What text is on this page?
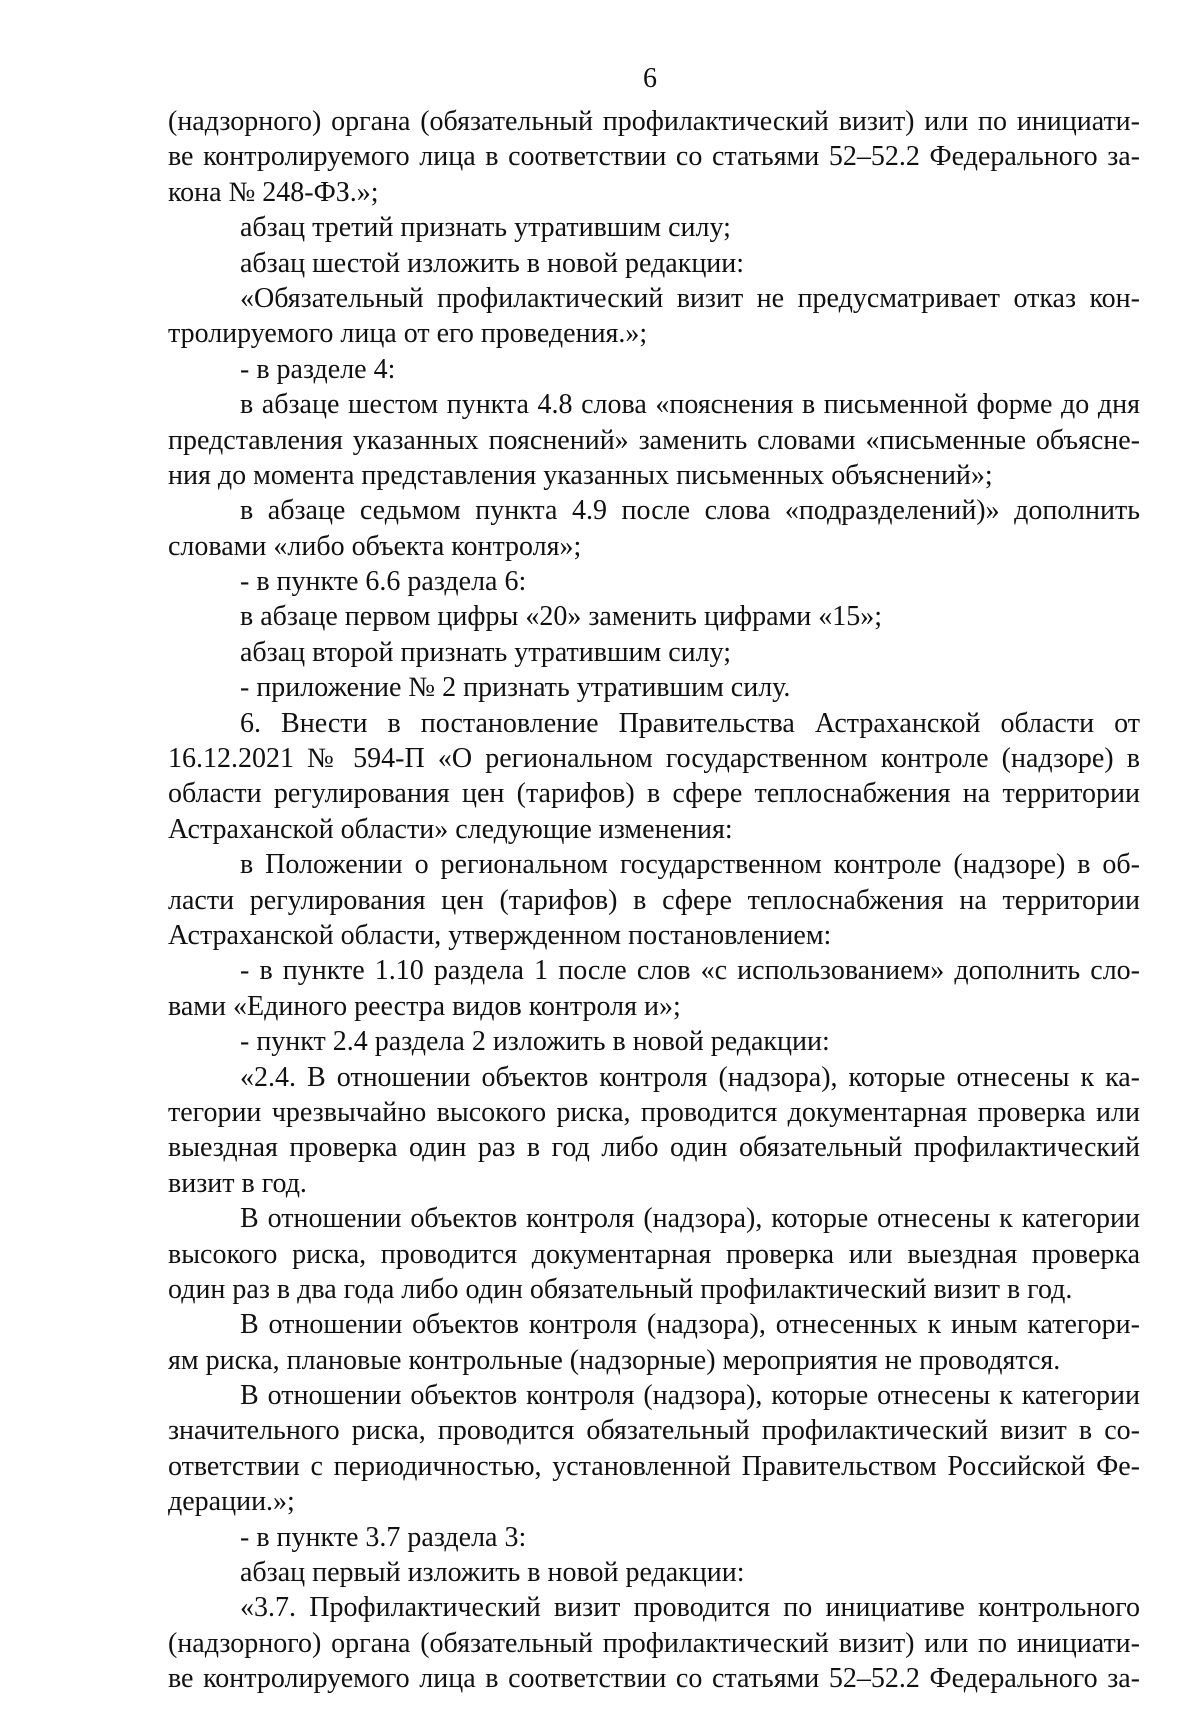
6
(надзорного) органа (обязательный профилактический визит) или по инициати-
ве контролируемого лица в соответствии со статьями 52–52.2 Федерального за-
кона № 248-ФЗ.»;
абзац третий признать утратившим силу;
абзац шестой изложить в новой редакции:
«Обязательный профилактический визит не предусматривает отказ кон-
тролируемого лица от его проведения.»;
- в разделе 4:
в абзаце шестом пункта 4.8 слова «пояснения в письменной форме до дня
представления указанных пояснений» заменить словами «письменные объясне-
ния до момента представления указанных письменных объяснений»;
в абзаце седьмом пункта 4.9 после слова «подразделений)» дополнить
словами «либо объекта контроля»;
- в пункте 6.6 раздела 6:
в абзаце первом цифры «20» заменить цифрами «15»;
абзац второй признать утратившим силу;
- приложение № 2 признать утратившим силу.
6. Внести в постановление Правительства Астраханской области от
16.12.2021 № 594-П «О региональном государственном контроле (надзоре) в
области регулирования цен (тарифов) в сфере теплоснабжения на территории
Астраханской области» следующие изменения:
в Положении о региональном государственном контроле (надзоре) в об-
ласти регулирования цен (тарифов) в сфере теплоснабжения на территории
Астраханской области, утвержденном постановлением:
- в пункте 1.10 раздела 1 после слов «с использованием» дополнить сло-
вами «Единого реестра видов контроля и»;
- пункт 2.4 раздела 2 изложить в новой редакции:
«2.4. В отношении объектов контроля (надзора), которые отнесены к ка-
тегории чрезвычайно высокого риска, проводится документарная проверка или
выездная проверка один раз в год либо один обязательный профилактический
визит в год.
В отношении объектов контроля (надзора), которые отнесены к категории
высокого риска, проводится документарная проверка или выездная проверка
один раз в два года либо один обязательный профилактический визит в год.
В отношении объектов контроля (надзора), отнесенных к иным категори-
ям риска, плановые контрольные (надзорные) мероприятия не проводятся.
В отношении объектов контроля (надзора), которые отнесены к категории
значительного риска, проводится обязательный профилактический визит в со-
ответствии с периодичностью, установленной Правительством Российской Фе-
дерации.»;
- в пункте 3.7 раздела 3:
абзац первый изложить в новой редакции:
«3.7. Профилактический визит проводится по инициативе контрольного
(надзорного) органа (обязательный профилактический визит) или по инициати-
ве контролируемого лица в соответствии со статьями 52–52.2 Федерального за-
